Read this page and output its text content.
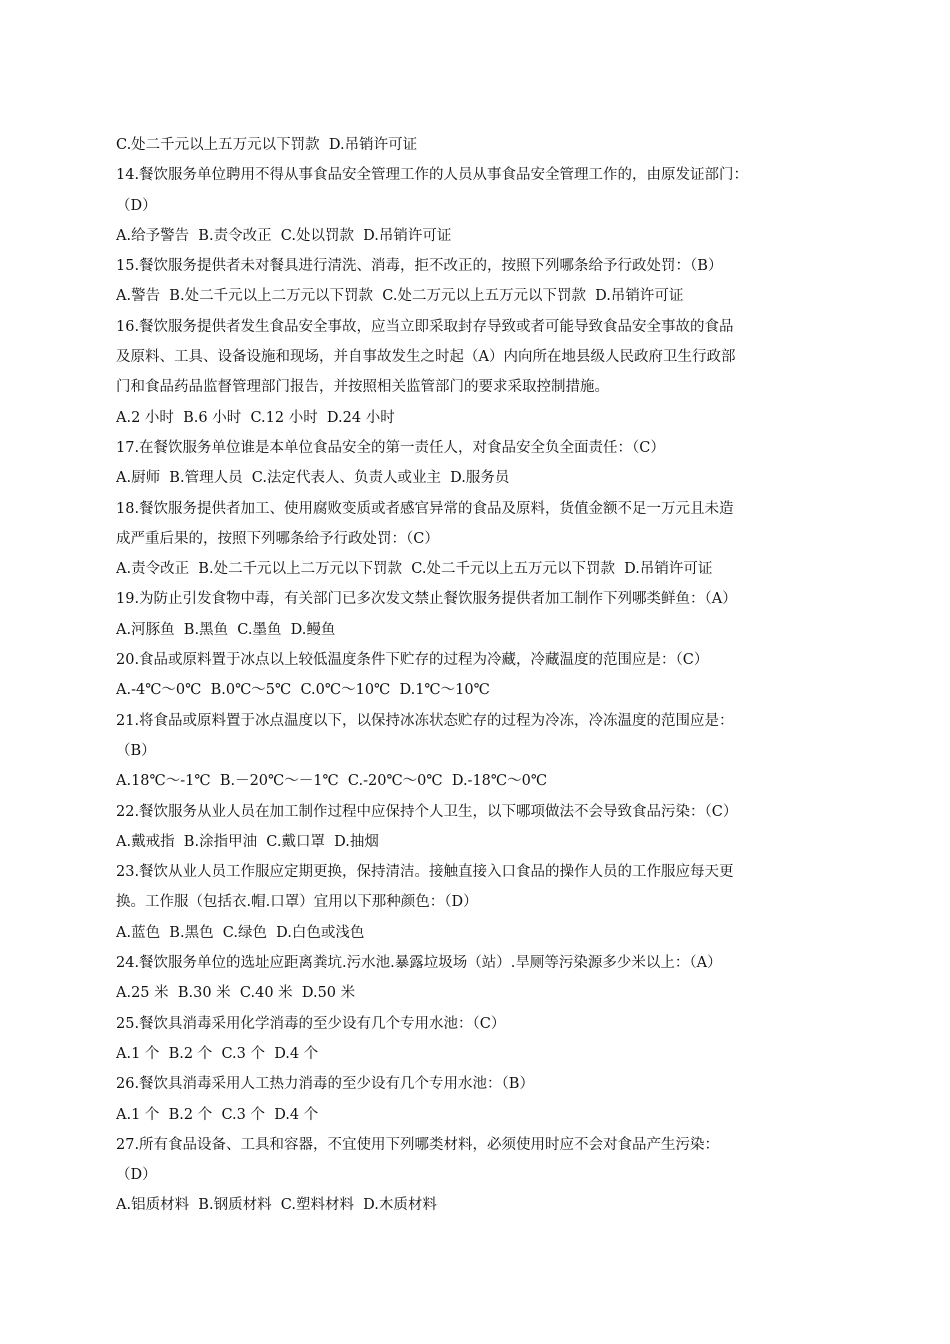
C.处二千元以上五万元以下罚款  D.吊销许可证
14.餐饮服务单位聘用不得从事食品安全管理工作的人员从事食品安全管理工作的，由原发证部门：
（D）
A.给予警告  B.责令改正  C.处以罚款  D.吊销许可证
15.餐饮服务提供者未对餐具进行清洗、消毒，拒不改正的，按照下列哪条给予行政处罚：（B）
A.警告  B.处二千元以上二万元以下罚款  C.处二万元以上五万元以下罚款  D.吊销许可证
16.餐饮服务提供者发生食品安全事故，应当立即采取封存导致或者可能导致食品安全事故的食品
及原料、工具、设备设施和现场，并自事故发生之时起（A）内向所在地县级人民政府卫生行政部
门和食品药品监督管理部门报告，并按照相关监管部门的要求采取控制措施。
A.2 小时  B.6 小时  C.12 小时  D.24 小时
17.在餐饮服务单位谁是本单位食品安全的第一责任人，对食品安全负全面责任：（C）
A.厨师  B.管理人员  C.法定代表人、负责人或业主  D.服务员
18.餐饮服务提供者加工、使用腐败变质或者感官异常的食品及原料，货值金额不足一万元且未造
成严重后果的，按照下列哪条给予行政处罚：（C）
A.责令改正  B.处二千元以上二万元以下罚款  C.处二千元以上五万元以下罚款  D.吊销许可证
19.为防止引发食物中毒，有关部门已多次发文禁止餐饮服务提供者加工制作下列哪类鲜鱼：（A）
A.河豚鱼  B.黑鱼  C.墨鱼  D.鳗鱼
20.食品或原料置于冰点以上较低温度条件下贮存的过程为冷藏，冷藏温度的范围应是：（C）
A.-4℃～0℃  B.0℃～5℃  C.0℃～10℃  D.1℃～10℃
21.将食品或原料置于冰点温度以下，以保持冰冻状态贮存的过程为冷冻，冷冻温度的范围应是：
（B）
A.18℃～-1℃  B.－20℃～－1℃  C.-20℃～0℃  D.-18℃～0℃
22.餐饮服务从业人员在加工制作过程中应保持个人卫生，以下哪项做法不会导致食品污染：（C）
A.戴戒指  B.涂指甲油  C.戴口罩  D.抽烟
23.餐饮从业人员工作服应定期更换，保持清洁。接触直接入口食品的操作人员的工作服应每天更
换。工作服（包括衣.帽.口罩）宜用以下那种颜色：（D）
A.蓝色  B.黑色  C.绿色  D.白色或浅色
24.餐饮服务单位的选址应距离粪坑.污水池.暴露垃圾场（站）.旱厕等污染源多少米以上：（A）
A.25 米  B.30 米  C.40 米  D.50 米
25.餐饮具消毒采用化学消毒的至少设有几个专用水池：（C）
A.1 个  B.2 个  C.3 个  D.4 个
26.餐饮具消毒采用人工热力消毒的至少设有几个专用水池：（B）
A.1 个  B.2 个  C.3 个  D.4 个
27.所有食品设备、工具和容器，不宜使用下列哪类材料，必须使用时应不会对食品产生污染：
（D）
A.铝质材料  B.钢质材料  C.塑料材料  D.木质材料
